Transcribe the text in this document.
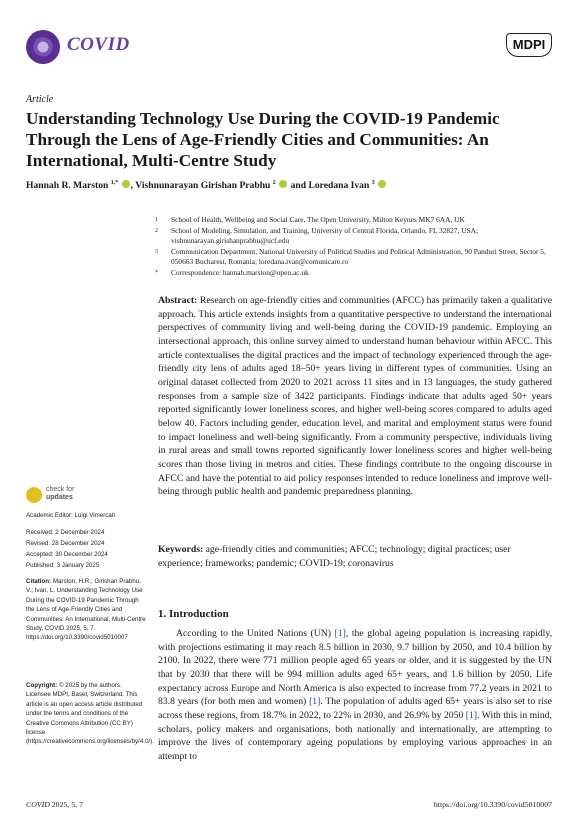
COVID	MDPI
Article
Understanding Technology Use During the COVID-19 Pandemic Through the Lens of Age-Friendly Cities and Communities: An International, Multi-Centre Study
Hannah R. Marston $^{1,*}$ , Vishnunarayan Girishan Prabhu $^2$  and Loredana Ivan $^3$
1 School of Health, Wellbeing and Social Care, The Open University, Milton Keynes MK7 6AA, UK
2 School of Modeling, Simulation, and Training, University of Central Florida, Orlando, FL 32827, USA; vishnunarayan.girishanprabhu@ucf.edu
3 Communication Department, National University of Political Studies and Political Administration, 90 Panduri Street, Sector 5, 050663 Bucharest, Romania; loredana.ivan@comunicare.ro
* Correspondence: hannah.marston@open.ac.uk
Abstract: Research on age-friendly cities and communities (AFCC) has primarily taken a qualitative approach. This article extends insights from a quantitative perspective to understand the international perspectives of community living and well-being during the COVID-19 pandemic. Employing an intersectional approach, this online survey aimed to understand human behaviour within AFCC. This article contextualises the digital practices and the impact of technology experienced through the age-friendly city lens of adults aged 18–50+ years living in different types of communities. Using an original dataset collected from 2020 to 2021 across 11 sites and in 13 languages, the study gathered responses from a sample size of 3422 participants. Findings indicate that adults aged 50+ years reported significantly lower loneliness scores, and higher well-being scores compared to adults aged below 40. Factors including gender, education level, and marital and employment status were found to impact loneliness and well-being significantly. From a community perspective, individuals living in rural areas and small towns reported significantly lower loneliness scores and higher well-being scores than those living in metros and cities. These findings contribute to the ongoing discourse in AFCC and have the potential to aid policy responses intended to reduce loneliness and improve well-being through public health and pandemic preparedness planning.
Keywords: age-friendly cities and communities; AFCC; technology; digital practices; user experience; frameworks; pandemic; COVID-19; coronavirus
check for
updates
Academic Editor: Luigi Vimercati
Received: 2 December 2024
Revised: 28 December 2024
Accepted: 30 December 2024
Published: 3 January 2025
Citation: Marston, H.R.; Girishan Prabhu, V.; Ivan, L. Understanding Technology Use During the COVID-19 Pandemic Through the Lens of Age-Friendly Cities and Communities: An International, Multi-Centre Study. COVID 2025, 5, 7. https://doi.org/10.3390/covid5010007
Copyright: © 2025 by the authors. Licensee MDPI, Basel, Switzerland. This article is an open access article distributed under the terms and conditions of the Creative Commons Attribution (CC BY) license (https://creativecommons.org/licenses/by/4.0/).
1. Introduction
According to the United Nations (UN) [1], the global ageing population is increasing rapidly, with projections estimating it may reach 8.5 billion in 2030, 9.7 billion by 2050, and 10.4 billion by 2100. In 2022, there were 771 million people aged 65 years or older, and it is suggested by the UN that by 2030 that there will be 994 million adults aged 65+ years, and 1.6 billion by 2050. Life expectancy across Europe and North America is also expected to increase from 77.2 years in 2021 to 83.8 years (for both men and women) [1]. The population of adults aged 65+ years is also set to rise across these regions, from 18.7% in 2022, to 22% in 2030, and 26.9% by 2050 [1]. With this in mind, scholars, policy makers and organisations, both nationally and internationally, are attempting to improve the lives of contemporary ageing populations by employing various approaches in an attempt to
COVID 2025, 5, 7	https://doi.org/10.3390/covid5010007
